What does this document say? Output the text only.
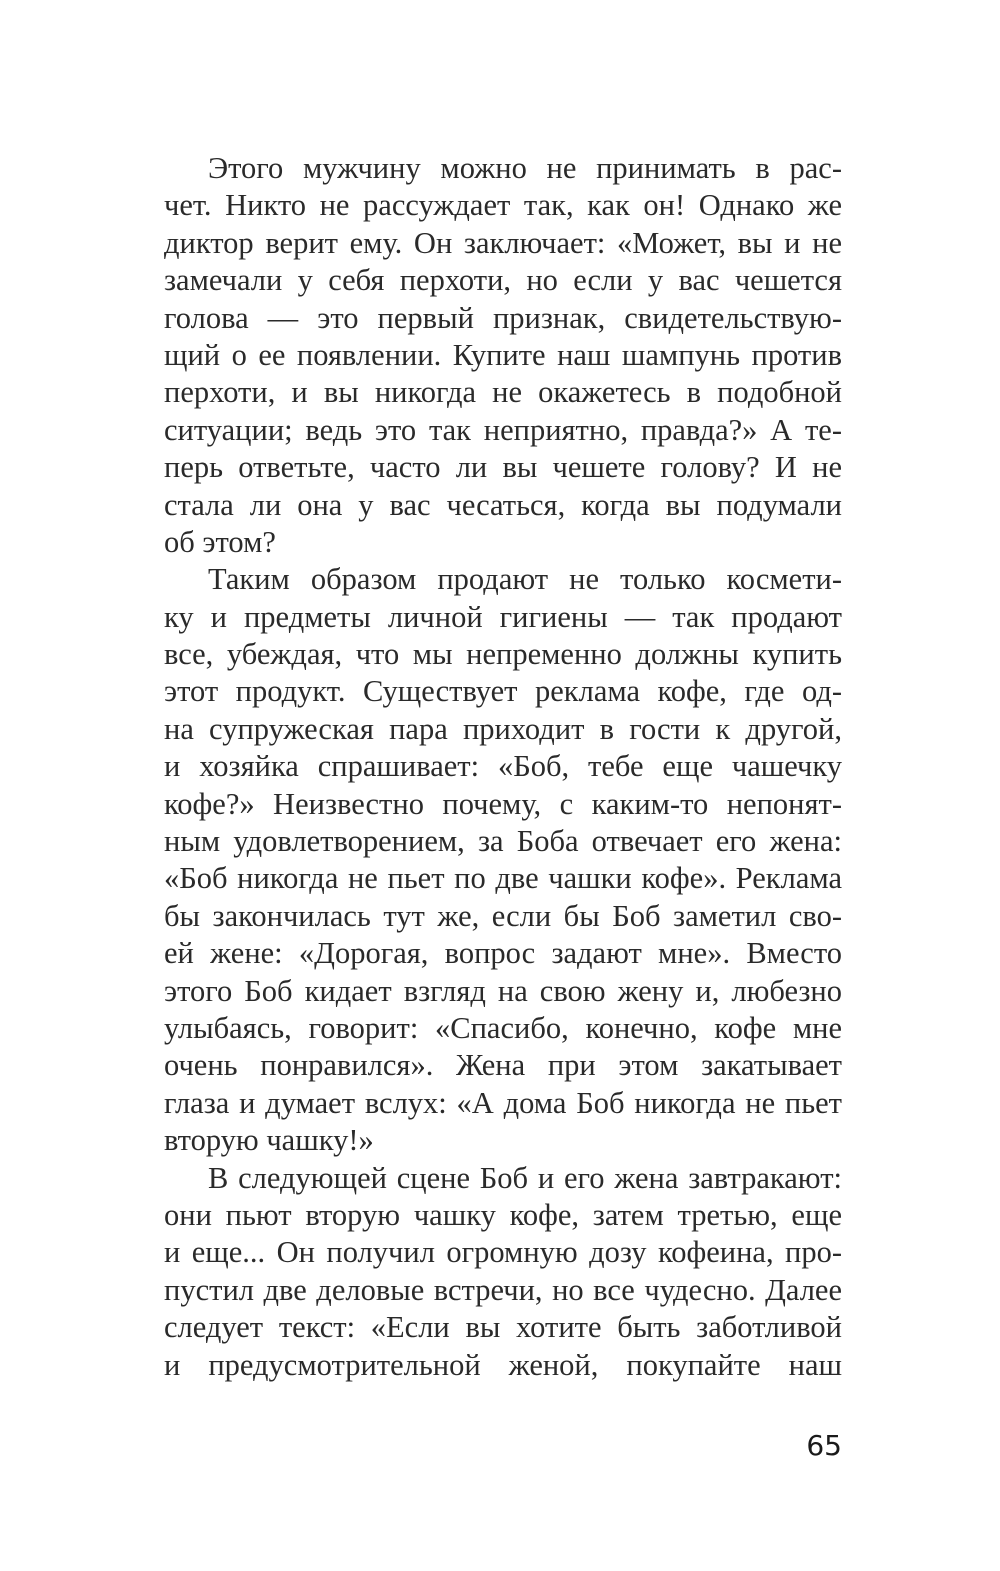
Этого мужчину можно не принимать в рас-
чет. Никто не рассуждает так, как он! Однако же
диктор верит ему. Он заключает: «Может, вы и не
замечали у себя перхоти, но если у вас чешется
голова — это первый признак, свидетельствую-
щий о ее появлении. Купите наш шампунь против
перхоти, и вы никогда не окажетесь в подобной
ситуации; ведь это так неприятно, правда?» А те-
перь ответьте, часто ли вы чешете голову? И не
стала ли она у вас чесаться, когда вы подумали
об этом?
Таким образом продают не только космети-
ку и предметы личной гигиены — так продают
все, убеждая, что мы непременно должны купить
этот продукт. Существует реклама кофе, где од-
на супружеская пара приходит в гости к другой,
и хозяйка спрашивает: «Боб, тебе еще чашечку
кофе?» Неизвестно почему, с каким-то непонят-
ным удовлетворением, за Боба отвечает его жена:
«Боб никогда не пьет по две чашки кофе». Реклама
бы закончилась тут же, если бы Боб заметил сво-
ей жене: «Дорогая, вопрос задают мне». Вместо
этого Боб кидает взгляд на свою жену и, любезно
улыбаясь, говорит: «Спасибо, конечно, кофе мне
очень понравился». Жена при этом закатывает
глаза и думает вслух: «А дома Боб никогда не пьет
вторую чашку!»
В следующей сцене Боб и его жена завтракают:
они пьют вторую чашку кофе, затем третью, еще
и еще... Он получил огромную дозу кофеина, про-
пустил две деловые встречи, но все чудесно. Далее
следует текст: «Если вы хотите быть заботливой
и предусмотрительной женой, покупайте наш
65
